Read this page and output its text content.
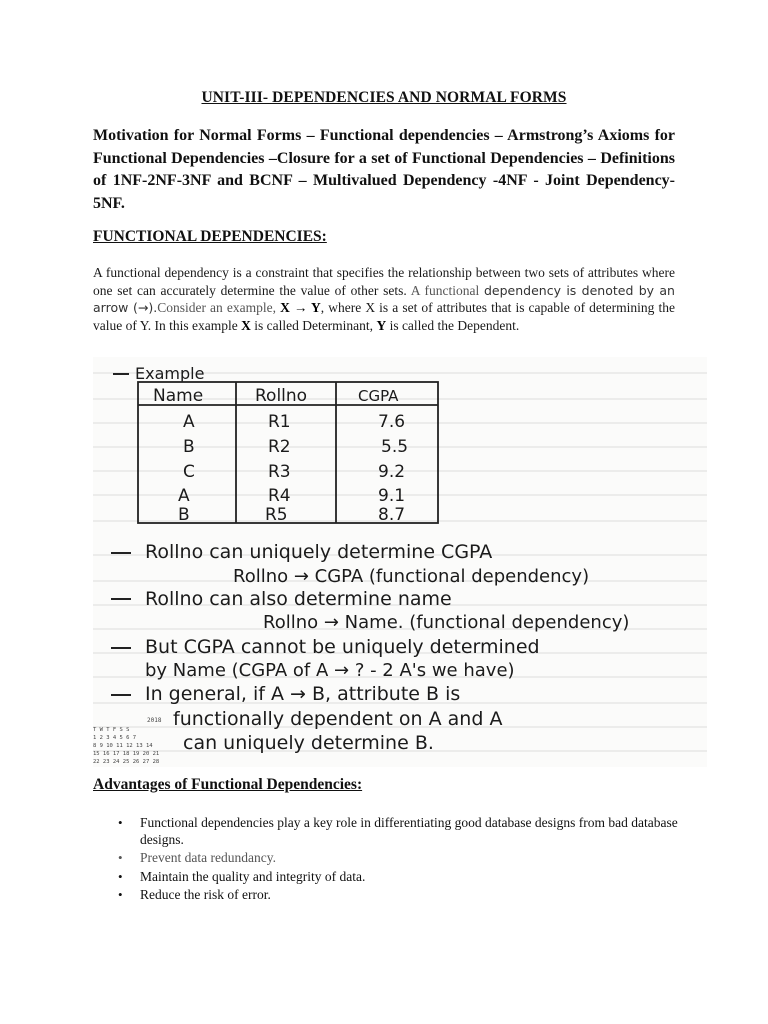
UNIT-III- DEPENDENCIES AND NORMAL FORMS
Motivation for Normal Forms – Functional dependencies – Armstrong’s Axioms for Functional Dependencies –Closure for a set of Functional Dependencies – Definitions of 1NF-2NF-3NF and BCNF – Multivalued Dependency -4NF - Joint Dependency- 5NF.
FUNCTIONAL DEPENDENCIES:
A functional dependency is a constraint that specifies the relationship between two sets of attributes where one set can accurately determine the value of other sets. A functional dependency is denoted by an arrow (→).Consider an example, X → Y, where X is a set of attributes that is capable of determining the value of Y. In this example X is called Determinant, Y is called the Dependent.
Example
Name	Rollno	CGPA
A	R1	7.6
B	R2	5.5
C	R3	9.2
A	R4	9.1
B	R5	8.7
Rollno can uniquely determine CGPA
Rollno → CGPA (functional dependency)
Rollno can also determine name
Rollno → Name. (functional dependency)
But CGPA cannot be uniquely determined
by Name (CGPA of A → ? - 2 A's we have)
In general, if A → B, attribute B is
functionally dependent on A and A
can uniquely determine B.
2018
T W T F S S
1 2 3 4 5 6 7
8 9 10 11 12 13 14
15 16 17 18 19 20 21
22 23 24 25 26 27 28
Advantages of Functional Dependencies:
• Functional dependencies play a key role in differentiating good database designs from bad database designs.
• Prevent data redundancy.
• Maintain the quality and integrity of data.
• Reduce the risk of error.
